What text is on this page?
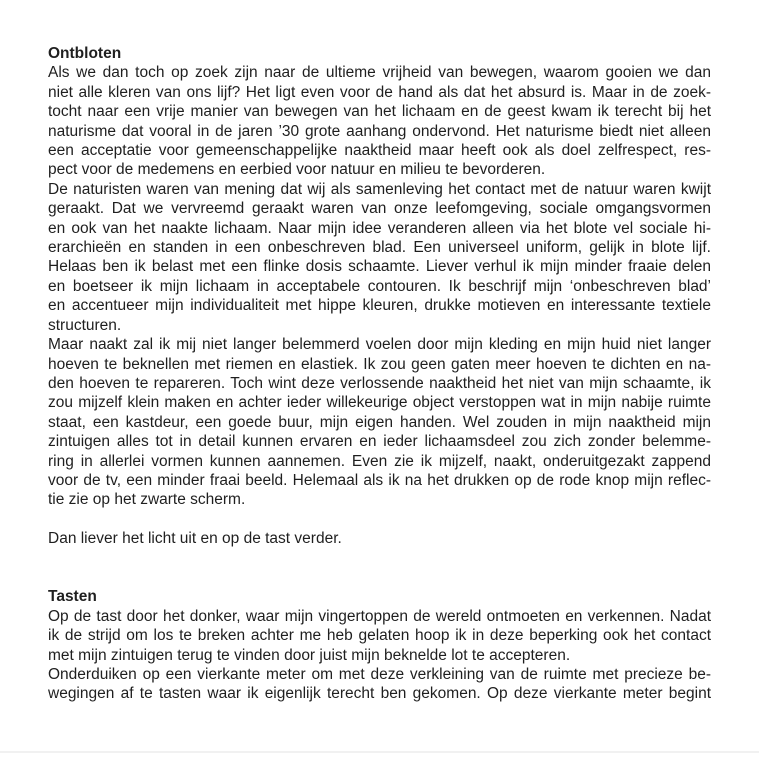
Ontbloten
Als we dan toch op zoek zijn naar de ultieme vrijheid van bewegen, waarom gooien we dan
niet alle kleren van ons lijf? Het ligt even voor de hand als dat het absurd is. Maar in de zoek-
tocht naar een vrije manier van bewegen van het lichaam en de geest kwam ik terecht bij het
naturisme dat vooral in de jaren ’30 grote aanhang ondervond. Het naturisme biedt niet alleen
een acceptatie voor gemeenschappelijke naaktheid maar heeft ook als doel zelfrespect, res-
pect voor de medemens en eerbied voor natuur en milieu te bevorderen.
De naturisten waren van mening dat wij als samenleving het contact met de natuur waren kwijt
geraakt. Dat we vervreemd geraakt waren van onze leefomgeving, sociale omgangsvormen
en ook van het naakte lichaam. Naar mijn idee veranderen alleen via het blote vel sociale hi-
erarchieën en standen in een onbeschreven blad. Een universeel uniform, gelijk in blote lijf.
Helaas ben ik belast met een flinke dosis schaamte. Liever verhul ik mijn minder fraaie delen
en boetseer ik mijn lichaam in acceptabele contouren. Ik beschrijf mijn ‘onbeschreven blad’
en accentueer mijn individualiteit met hippe kleuren, drukke motieven en interessante textiele
structuren.
Maar naakt zal ik mij niet langer belemmerd voelen door mijn kleding en mijn huid niet langer
hoeven te beknellen met riemen en elastiek. Ik zou geen gaten meer hoeven te dichten en na-
den hoeven te repareren. Toch wint deze verlossende naaktheid het niet van mijn schaamte, ik
zou mijzelf klein maken en achter ieder willekeurige object verstoppen wat in mijn nabije ruimte
staat, een kastdeur, een goede buur, mijn eigen handen. Wel zouden in mijn naaktheid mijn
zintuigen alles tot in detail kunnen ervaren en ieder lichaamsdeel zou zich zonder belemme-
ring in allerlei vormen kunnen aannemen. Even zie ik mijzelf, naakt, onderuitgezakt zappend
voor de tv, een minder fraai beeld. Helemaal als ik na het drukken op de rode knop mijn reflec-
tie zie op het zwarte scherm.
Dan liever het licht uit en op de tast verder.
Tasten
Op de tast door het donker, waar mijn vingertoppen de wereld ontmoeten en verkennen. Nadat
ik de strijd om los te breken achter me heb gelaten hoop ik in deze beperking ook het contact
met mijn zintuigen terug te vinden door juist mijn beknelde lot te accepteren.
Onderduiken op een vierkante meter om met deze verkleining van de ruimte met precieze be-
wegingen af te tasten waar ik eigenlijk terecht ben gekomen. Op deze vierkante meter begint
